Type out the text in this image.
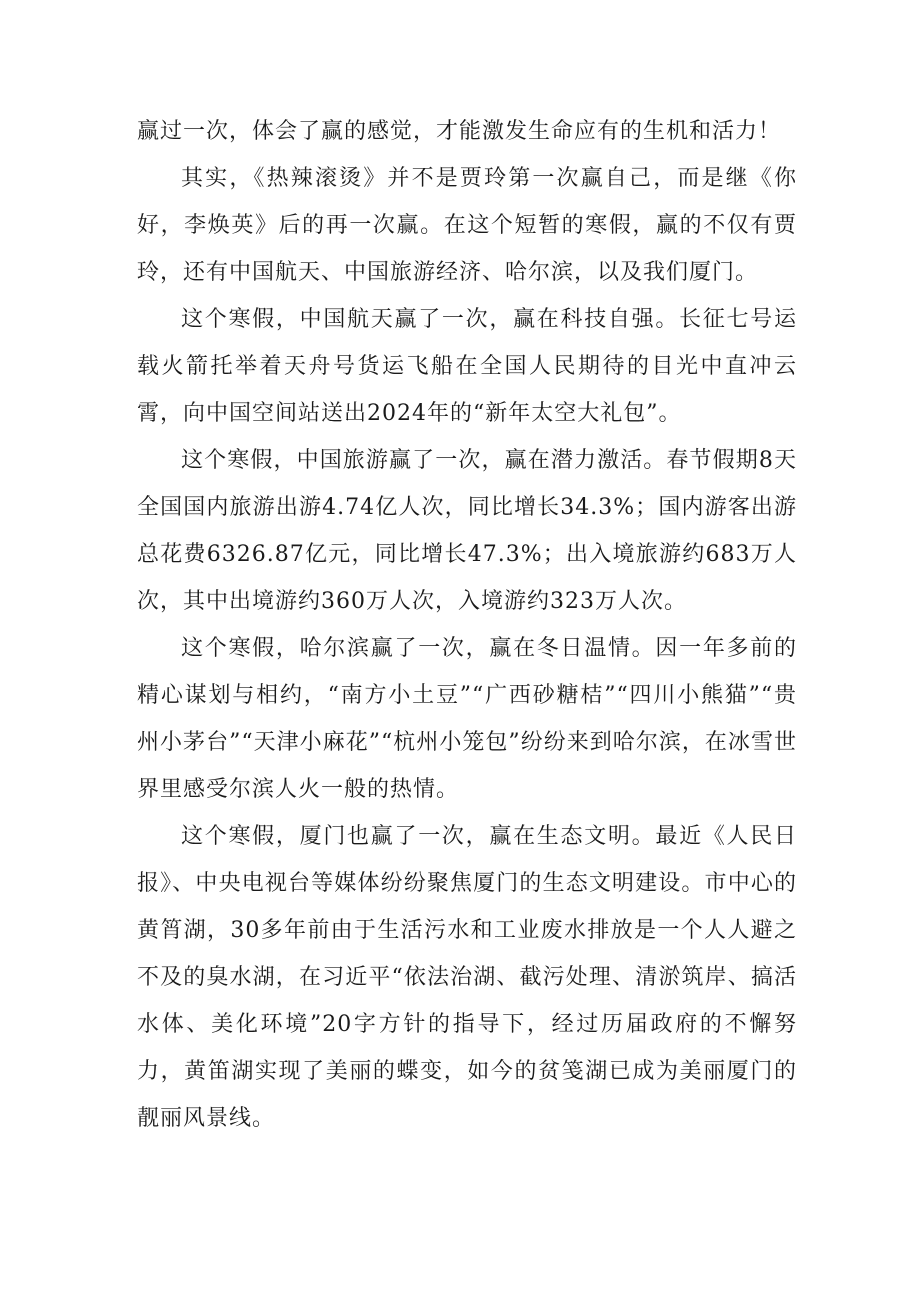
赢过一次，体会了赢的感觉，才能激发生命应有的生机和活力！

其实，《热辣滚烫》并不是贾玲第一次赢自己，而是继《你好，李焕英》后的再一次赢。在这个短暂的寒假，赢的不仅有贾玲，还有中国航天、中国旅游经济、哈尔滨，以及我们厦门。

这个寒假，中国航天赢了一次，赢在科技自强。长征七号运载火箭托举着天舟号货运飞船在全国人民期待的目光中直冲云霄，向中国空间站送出2024年的“新年太空大礼包”。

这个寒假，中国旅游赢了一次，赢在潜力激活。春节假期8天全国国内旅游出游4.74亿人次，同比增长34.3%；国内游客出游总花费6326.87亿元，同比增长47.3%；出入境旅游约683万人次，其中出境游约360万人次，入境游约323万人次。

这个寒假，哈尔滨赢了一次，赢在冬日温情。因一年多前的精心谋划与相约，“南方小土豆”“广西砂糖桔”“四川小熊猫”“贵州小茅台”“天津小麻花”“杭州小笼包”纷纷来到哈尔滨，在冰雪世界里感受尔滨人火一般的热情。

这个寒假，厦门也赢了一次，赢在生态文明。最近《人民日报》、中央电视台等媒体纷纷聚焦厦门的生态文明建设。市中心的黄筲湖，30多年前由于生活污水和工业废水排放是一个人人避之不及的臭水湖，在习近平“依法治湖、截污处理、清淤筑岸、搞活水体、美化环境”20字方针的指导下，经过历届政府的不懈努力，黄笛湖实现了美丽的蝶变，如今的贫笺湖已成为美丽厦门的靓丽风景线。
